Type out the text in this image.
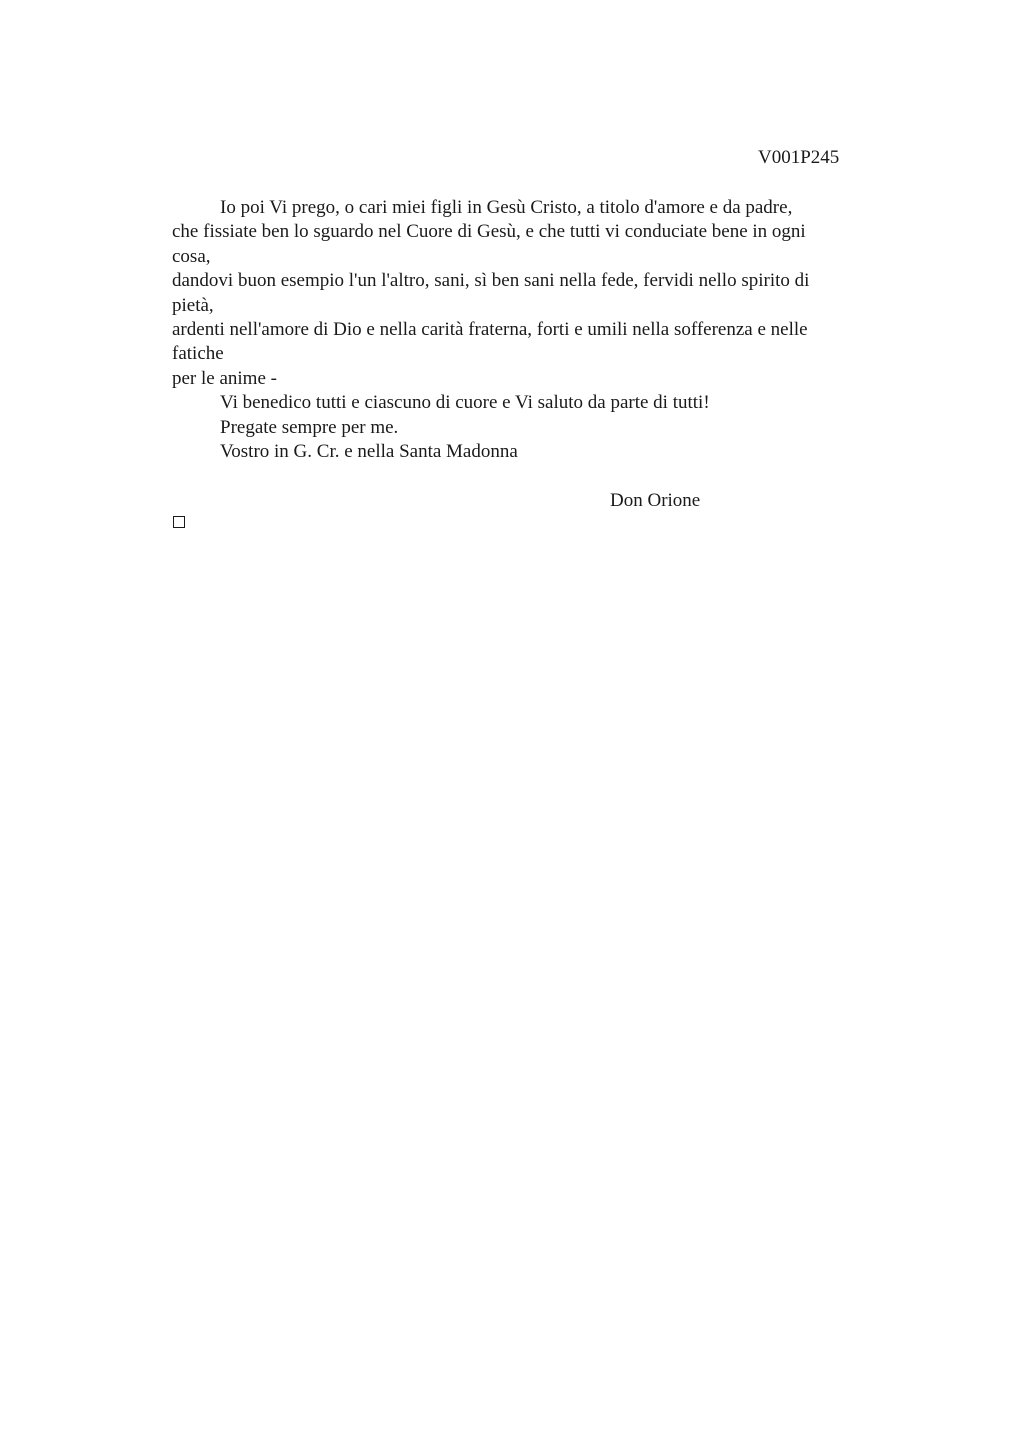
V001P245
Io poi Vi prego, o cari miei figli in Gesù Cristo, a titolo d'amore e da padre,
che fissiate ben lo sguardo nel Cuore di Gesù, e che tutti vi conduciate bene in ogni
cosa,
dandovi buon esempio l'un l'altro, sani, sì ben sani nella fede, fervidi nello spirito di
pietà,
ardenti nell'amore di Dio e nella carità fraterna, forti e umili nella sofferenza e nelle
fatiche
per le anime -
Vi benedico tutti e ciascuno di cuore e Vi saluto da parte di tutti!
Pregate sempre per me.
Vostro in G. Cr. e nella Santa Madonna
Don Orione
